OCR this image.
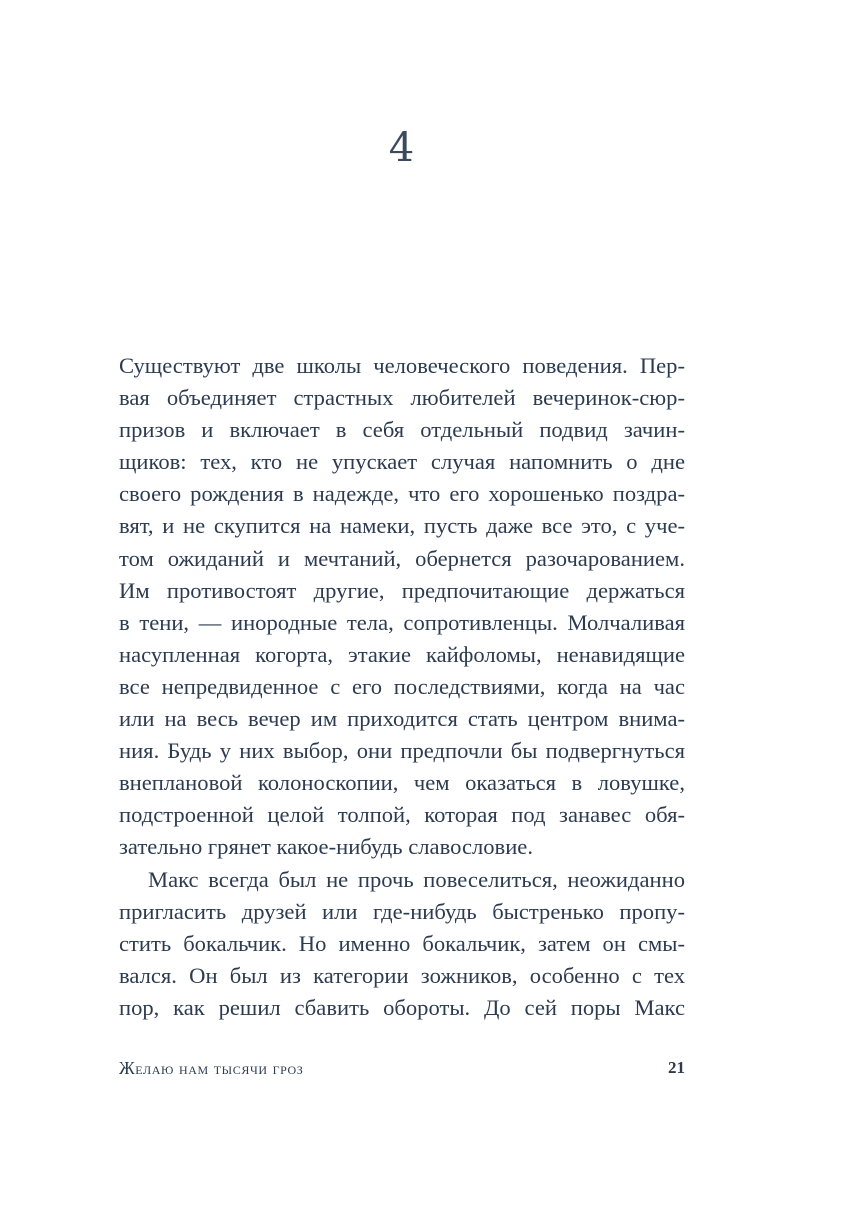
4
Существуют две школы человеческого поведения. Пер-
вая объединяет страстных любителей вечеринок-сюр-
призов и включает в себя отдельный подвид зачин-
щиков: тех, кто не упускает случая напомнить о дне
своего рождения в надежде, что его хорошенько поздра-
вят, и не скупится на намеки, пусть даже все это, с уче-
том ожиданий и мечтаний, обернется разочарованием.
Им противостоят другие, предпочитающие держаться
в тени, — инородные тела, сопротивленцы. Молчаливая
насупленная когорта, этакие кайфоломы, ненавидящие
все непредвиденное с его последствиями, когда на час
или на весь вечер им приходится стать центром внима-
ния. Будь у них выбор, они предпочли бы подвергнуться
внеплановой колоноскопии, чем оказаться в ловушке,
подстроенной целой толпой, которая под занавес обя-
зательно грянет какое-нибудь славословие.
Макс всегда был не прочь повеселиться, неожиданно
пригласить друзей или где-нибудь быстренько пропу-
стить бокальчик. Но именно бокальчик, затем он смы-
вался. Он был из категории зожников, особенно с тех
пор, как решил сбавить обороты. До сей поры Макс
Желаю нам тысячи гроз	21
